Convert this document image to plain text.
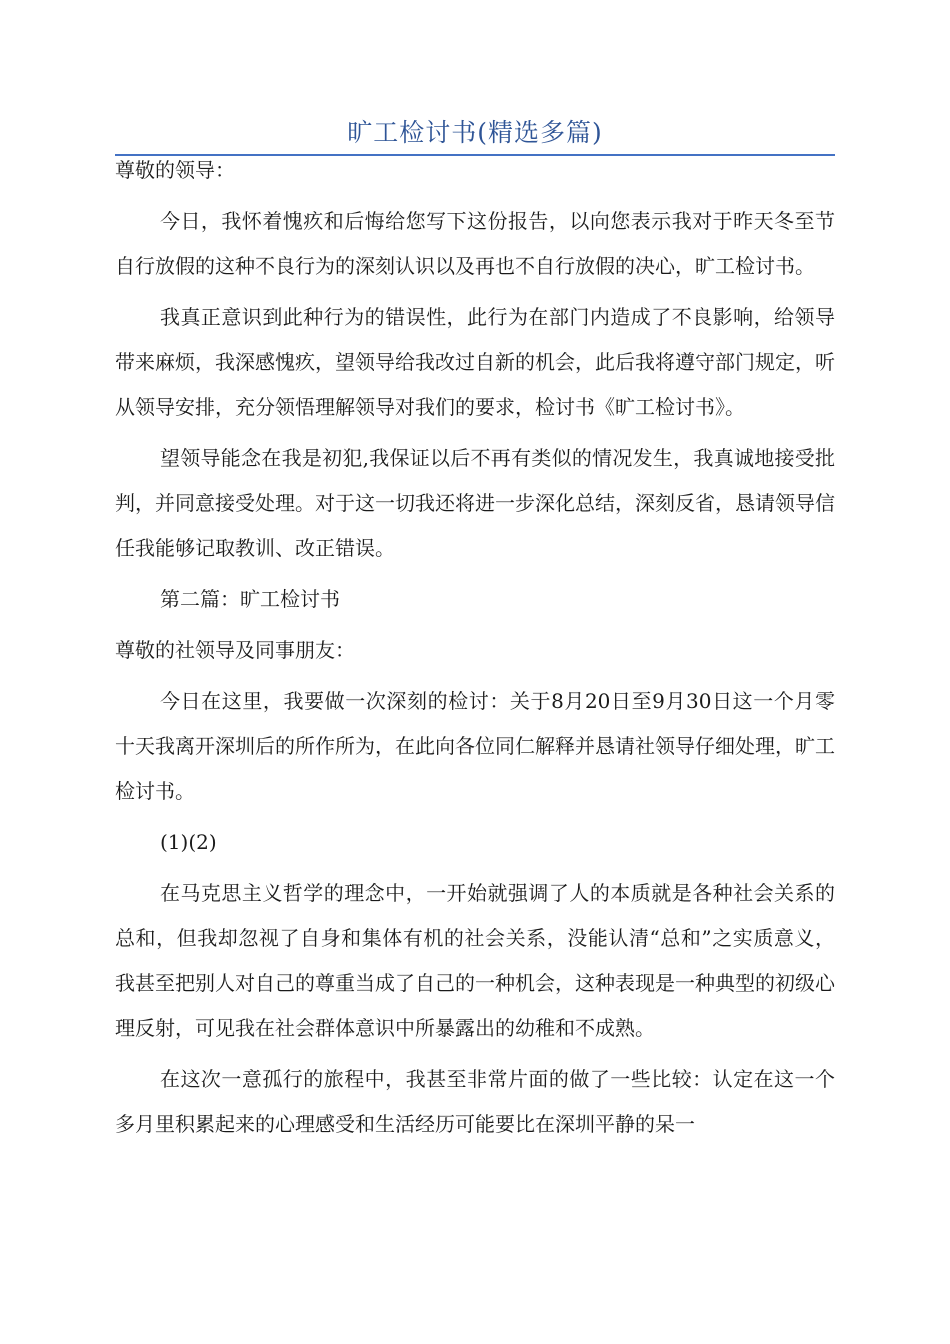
旷工检讨书(精选多篇)

尊敬的领导：

今日，我怀着愧疚和后悔给您写下这份报告，以向您表示我对于昨天冬至节自行放假的这种不良行为的深刻认识以及再也不自行放假的决心，旷工检讨书。

我真正意识到此种行为的错误性，此行为在部门内造成了不良影响，给领导带来麻烦，我深感愧疚，望领导给我改过自新的机会，此后我将遵守部门规定，听从领导安排，充分领悟理解领导对我们的要求，检讨书《旷工检讨书》。

望领导能念在我是初犯,我保证以后不再有类似的情况发生，我真诚地接受批判，并同意接受处理。对于这一切我还将进一步深化总结，深刻反省，恳请领导信任我能够记取教训、改正错误。

第二篇：旷工检讨书

尊敬的社领导及同事朋友：

今日在这里，我要做一次深刻的检讨：关于8月20日至9月30日这一个月零十天我离开深圳后的所作所为，在此向各位同仁解释并恳请社领导仔细处理，旷工检讨书。

(1)(2)

在马克思主义哲学的理念中，一开始就强调了人的本质就是各种社会关系的总和，但我却忽视了自身和集体有机的社会关系，没能认清“总和”之实质意义，我甚至把别人对自己的尊重当成了自己的一种机会，这种表现是一种典型的初级心理反射，可见我在社会群体意识中所暴露出的幼稚和不成熟。

在这次一意孤行的旅程中，我甚至非常片面的做了一些比较：认定在这一个多月里积累起来的心理感受和生活经历可能要比在深圳平静的呆一
